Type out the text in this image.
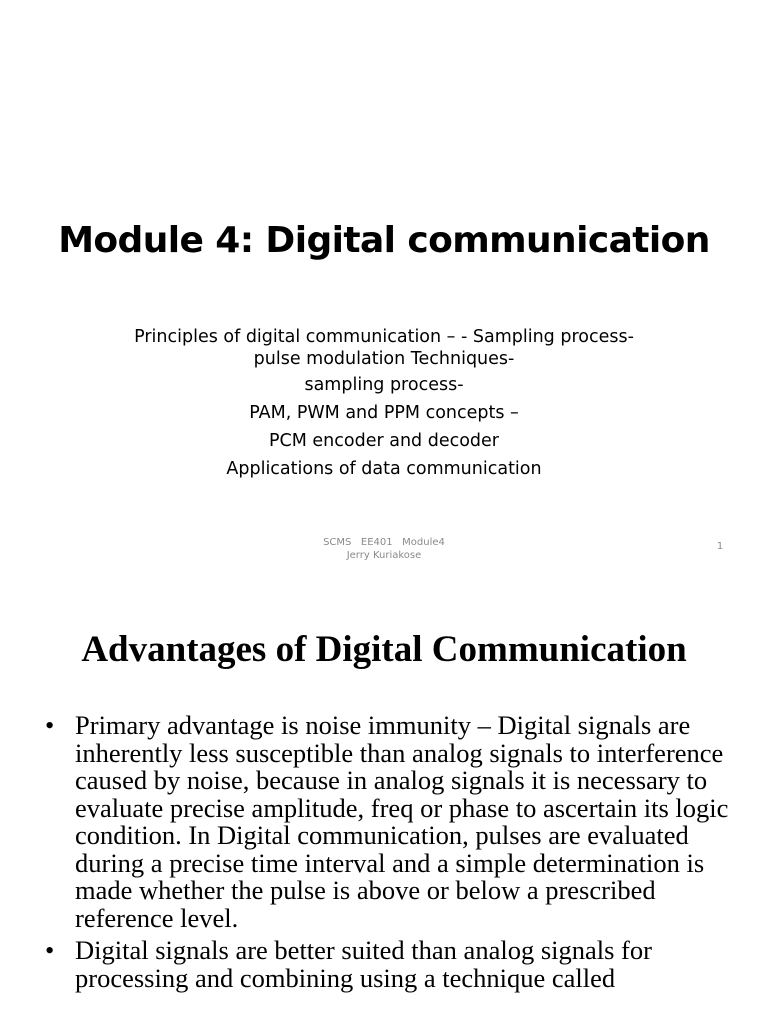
Module 4: Digital communication
Principles of digital communication – - Sampling process-pulse modulation Techniques-
sampling process-
PAM, PWM and PPM concepts –
PCM encoder and decoder
Applications of data communication
SCMS   EE401   Module4
Jerry Kuriakose
1
Advantages of Digital Communication
• Primary advantage is noise immunity – Digital signals are inherently less susceptible than analog signals to interference caused by noise, because in analog signals it is necessary to evaluate precise amplitude, freq or phase to ascertain its logic condition. In Digital communication, pulses are evaluated during a precise time interval and a simple determination is made whether the pulse is above or below a prescribed reference level.
• Digital signals are better suited than analog signals for processing and combining using a technique called
